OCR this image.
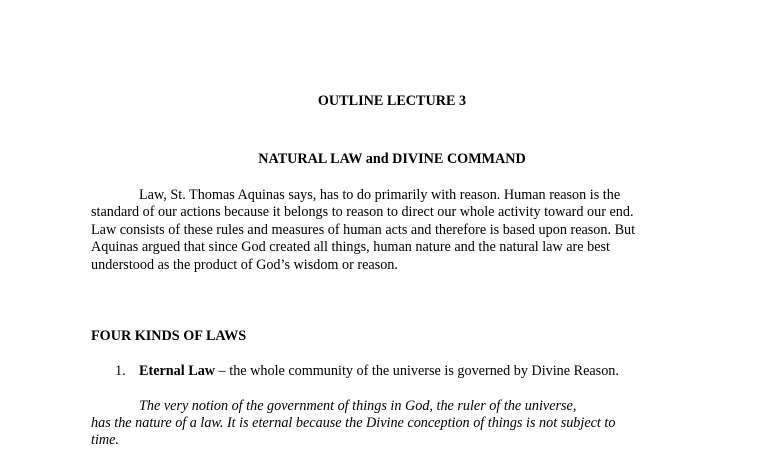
OUTLINE LECTURE 3
NATURAL LAW and DIVINE COMMAND
Law, St. Thomas Aquinas says, has to do primarily with reason. Human reason is the
standard of our actions because it belongs to reason to direct our whole activity toward our end.
Law consists of these rules and measures of human acts and therefore is based upon reason. But
Aquinas argued that since God created all things, human nature and the natural law are best
understood as the product of God’s wisdom or reason.
FOUR KINDS OF LAWS
1. Eternal Law – the whole community of the universe is governed by Divine Reason.
The very notion of the government of things in God, the ruler of the universe,
has the nature of a law. It is eternal because the Divine conception of things is not subject to
time.
